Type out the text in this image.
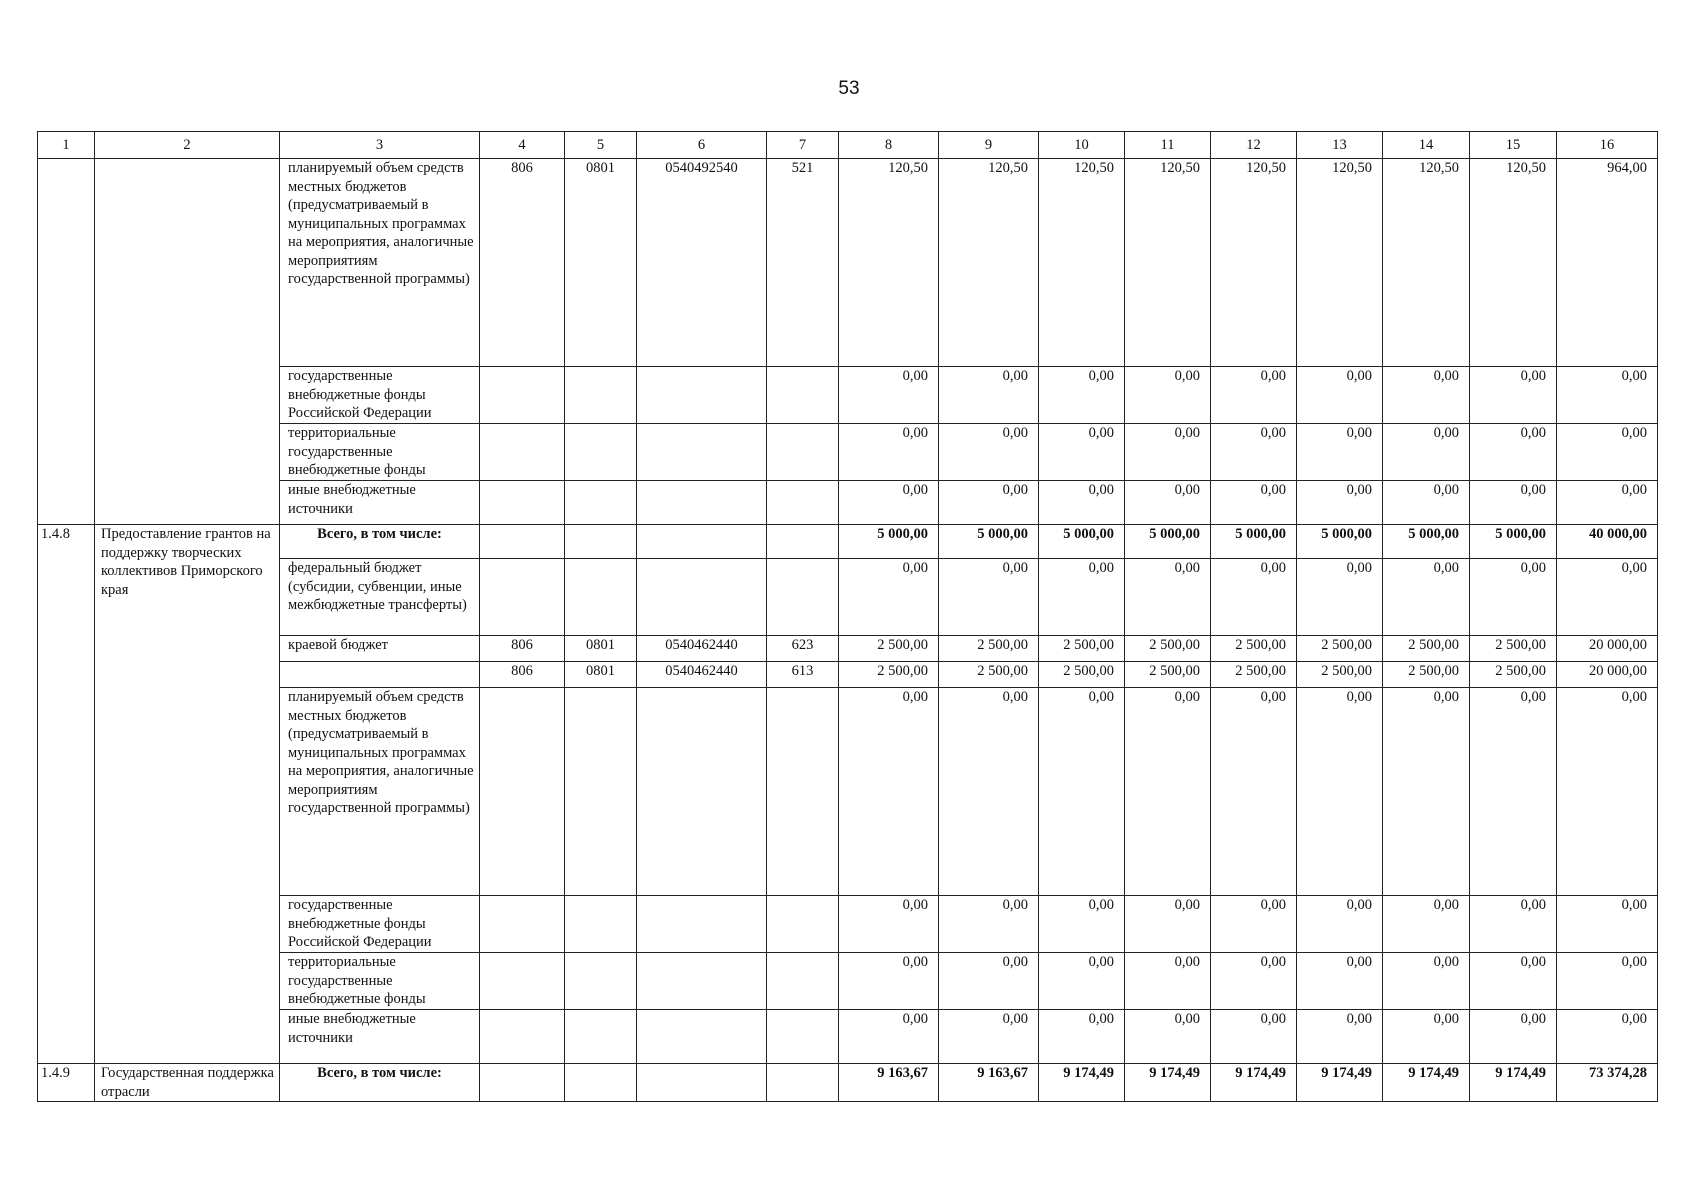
53
1	2	3	4	5	6	7	8	9	10	11	12	13	14	15	16
		планируемый объем средств местных бюджетов (предусматриваемый в муниципальных программах на мероприятия, аналогичные мероприятиям государственной программы)	806	0801	0540492540	521	120,50	120,50	120,50	120,50	120,50	120,50	120,50	120,50	964,00
		государственные внебюджетные фонды Российской Федерации					0,00	0,00	0,00	0,00	0,00	0,00	0,00	0,00	0,00
		территориальные государственные внебюджетные фонды					0,00	0,00	0,00	0,00	0,00	0,00	0,00	0,00	0,00
		иные внебюджетные источники					0,00	0,00	0,00	0,00	0,00	0,00	0,00	0,00	0,00
1.4.8	Предоставление грантов на поддержку творческих коллективов Приморского края	Всего, в том числе:					5 000,00	5 000,00	5 000,00	5 000,00	5 000,00	5 000,00	5 000,00	5 000,00	40 000,00
		федеральный бюджет (субсидии, субвенции, иные межбюджетные трансферты)					0,00	0,00	0,00	0,00	0,00	0,00	0,00	0,00	0,00
		краевой бюджет	806	0801	0540462440	623	2 500,00	2 500,00	2 500,00	2 500,00	2 500,00	2 500,00	2 500,00	2 500,00	20 000,00
			806	0801	0540462440	613	2 500,00	2 500,00	2 500,00	2 500,00	2 500,00	2 500,00	2 500,00	2 500,00	20 000,00
		планируемый объем средств местных бюджетов (предусматриваемый в муниципальных программах на мероприятия, аналогичные мероприятиям государственной программы)					0,00	0,00	0,00	0,00	0,00	0,00	0,00	0,00	0,00
		государственные внебюджетные фонды Российской Федерации					0,00	0,00	0,00	0,00	0,00	0,00	0,00	0,00	0,00
		территориальные государственные внебюджетные фонды					0,00	0,00	0,00	0,00	0,00	0,00	0,00	0,00	0,00
		иные внебюджетные источники					0,00	0,00	0,00	0,00	0,00	0,00	0,00	0,00	0,00
1.4.9	Государственная поддержка отрасли	Всего, в том числе:					9 163,67	9 163,67	9 174,49	9 174,49	9 174,49	9 174,49	9 174,49	9 174,49	73 374,28
